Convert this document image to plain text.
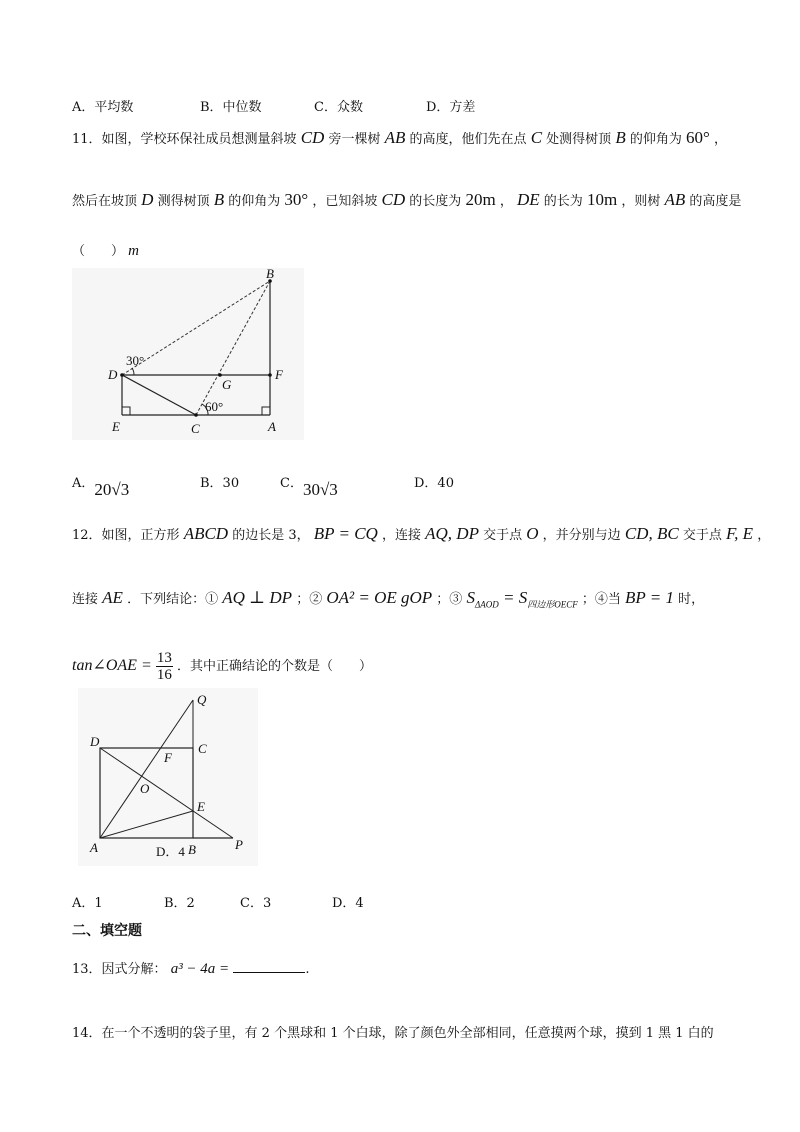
A．平均数	B．中位数	C．众数	D．方差
11．如图，学校环保社成员想测量斜坡 CD 旁一棵树 AB 的高度，他们先在点 C 处测得树顶 B 的仰角为 60° ，
然后在坡顶 D 测得树顶 B 的仰角为 30° ，已知斜坡 CD 的长度为 20m ， DE 的长为 10m ，则树 AB 的高度是
（　　） m
B
D	F
G
E	C	A
30°
60°
A．20√3	B．30	C．30√3	D．40
12．如图，正方形 ABCD 的边长是 3， BP = CQ ，连接 AQ, DP 交于点 O ，并分别与边 CD, BC 交于点 F, E ，
连接 AE ．下列结论：① AQ ⊥ DP ；② OA² = OE gOP ；③ $S_{\Delta AOD} = S_{四边形OECF}$ ；④当 BP = 1 时，
tan∠OAE = $\frac{13}{16}$ ．其中正确结论的个数是（　　）
Q
D	C
F
O
E
A	B	P
D．4
A．1	B．2	C．3	D．4
二、填空题
13．因式分解： a³ − 4a =	.
14．在一个不透明的袋子里，有 2 个黑球和 1 个白球，除了颜色外全部相同，任意摸两个球，摸到 1 黑 1 白的
